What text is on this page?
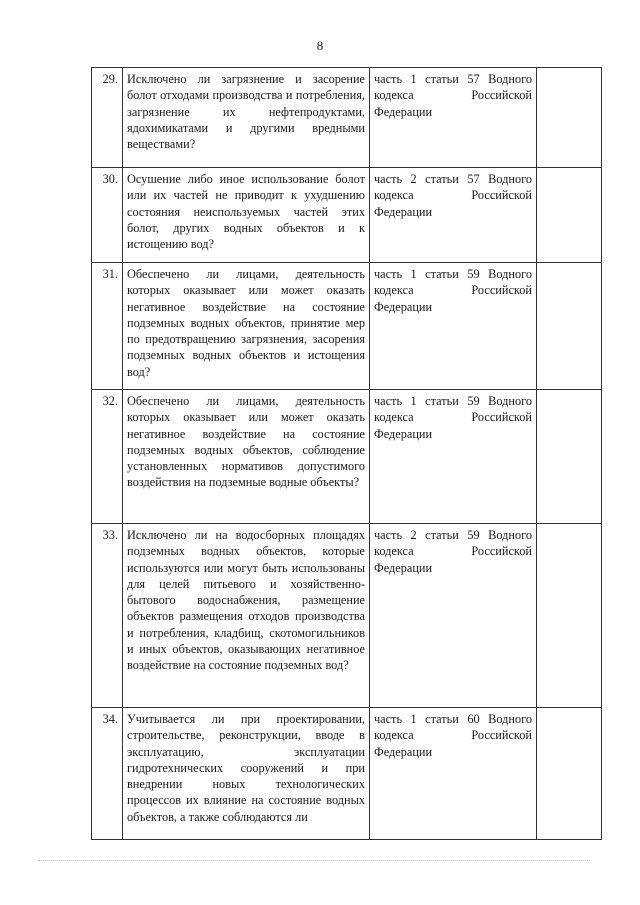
8
29.	Исключено ли загрязнение и засорение болот отходами производства и потребления, загрязнение их нефтепродуктами, ядохимикатами и другими вредными веществами?	часть 1 статьи 57 Водного кодекса Российской Федерации	
30.	Осушение либо иное использование болот или их частей не приводит к ухудшению состояния неиспользуемых частей этих болот, других водных объектов и к истощению вод?	часть 2 статьи 57 Водного кодекса Российской Федерации	
31.	Обеспечено ли лицами, деятельность которых оказывает или может оказать негативное воздействие на состояние подземных водных объектов, принятие мер по предотвращению загрязнения, засорения подземных водных объектов и истощения вод?	часть 1 статьи 59 Водного кодекса Российской Федерации	
32.	Обеспечено ли лицами, деятельность которых оказывает или может оказать негативное воздействие на состояние подземных водных объектов, соблюдение установленных нормативов допустимого воздействия на подземные водные объекты?	часть 1 статьи 59 Водного кодекса Российской Федерации	
33.	Исключено ли на водосборных площадях подземных водных объектов, которые используются или могут быть использованы для целей питьевого и хозяйственно-бытового водоснабжения, размещение объектов размещения отходов производства и потребления, кладбищ, скотомогильников и иных объектов, оказывающих негативное воздействие на состояние подземных вод?	часть 2 статьи 59 Водного кодекса Российской Федерации	
34.	Учитывается ли при проектировании, строительстве, реконструкции, вводе в эксплуатацию, эксплуатации гидротехнических сооружений и при внедрении новых технологических процессов их влияние на состояние водных объектов, а также соблюдаются ли	часть 1 статьи 60 Водного кодекса Российской Федерации	
